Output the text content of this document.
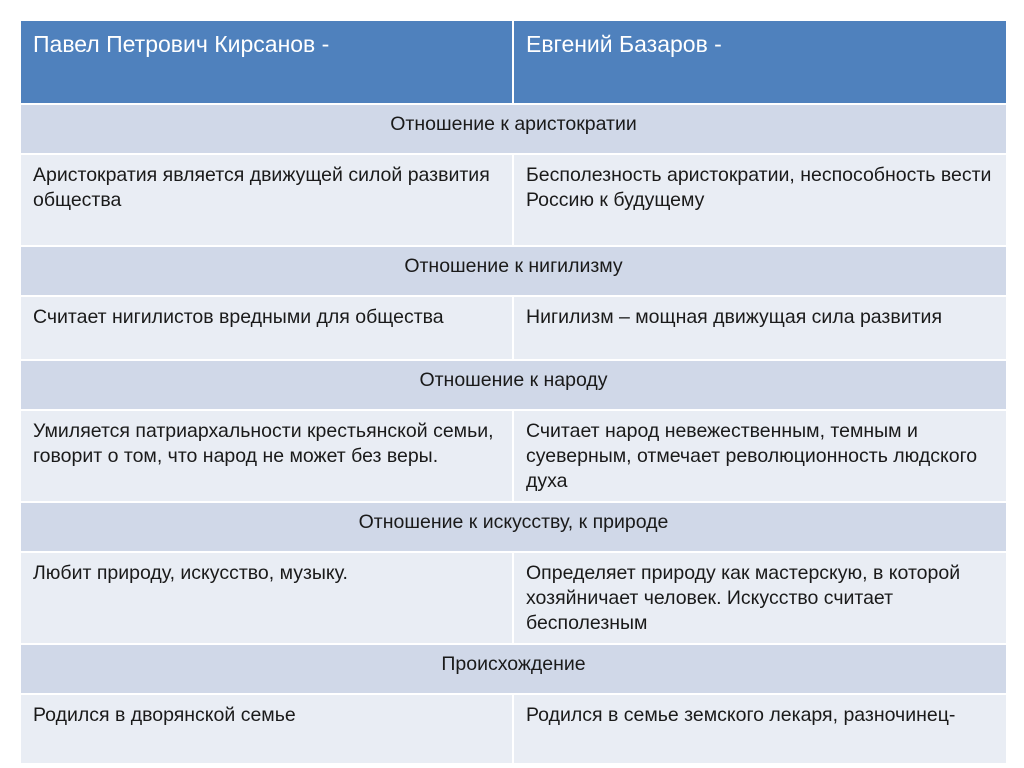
Павел Петрович Кирсанов -	Евгений Базаров -
Отношение к аристократии	
Аристократия является движущей силой развития общества	Бесполезность аристократии, неспособность вести Россию к будущему
Отношение к нигилизму	
Считает нигилистов вредными для общества	Нигилизм – мощная движущая сила развития
Отношение к народу	
Умиляется патриархальности крестьянской семьи, говорит о том, что народ не может без веры.	Считает народ невежественным, темным и суеверным, отмечает революционность людского духа
Отношение к искусству, к природе	
Любит природу, искусство, музыку.	Определяет природу как мастерскую, в которой хозяйничает человек. Искусство считает бесполезным
Происхождение	
Родился в дворянской семье	Родился в семье земского лекаря, разночинец-
